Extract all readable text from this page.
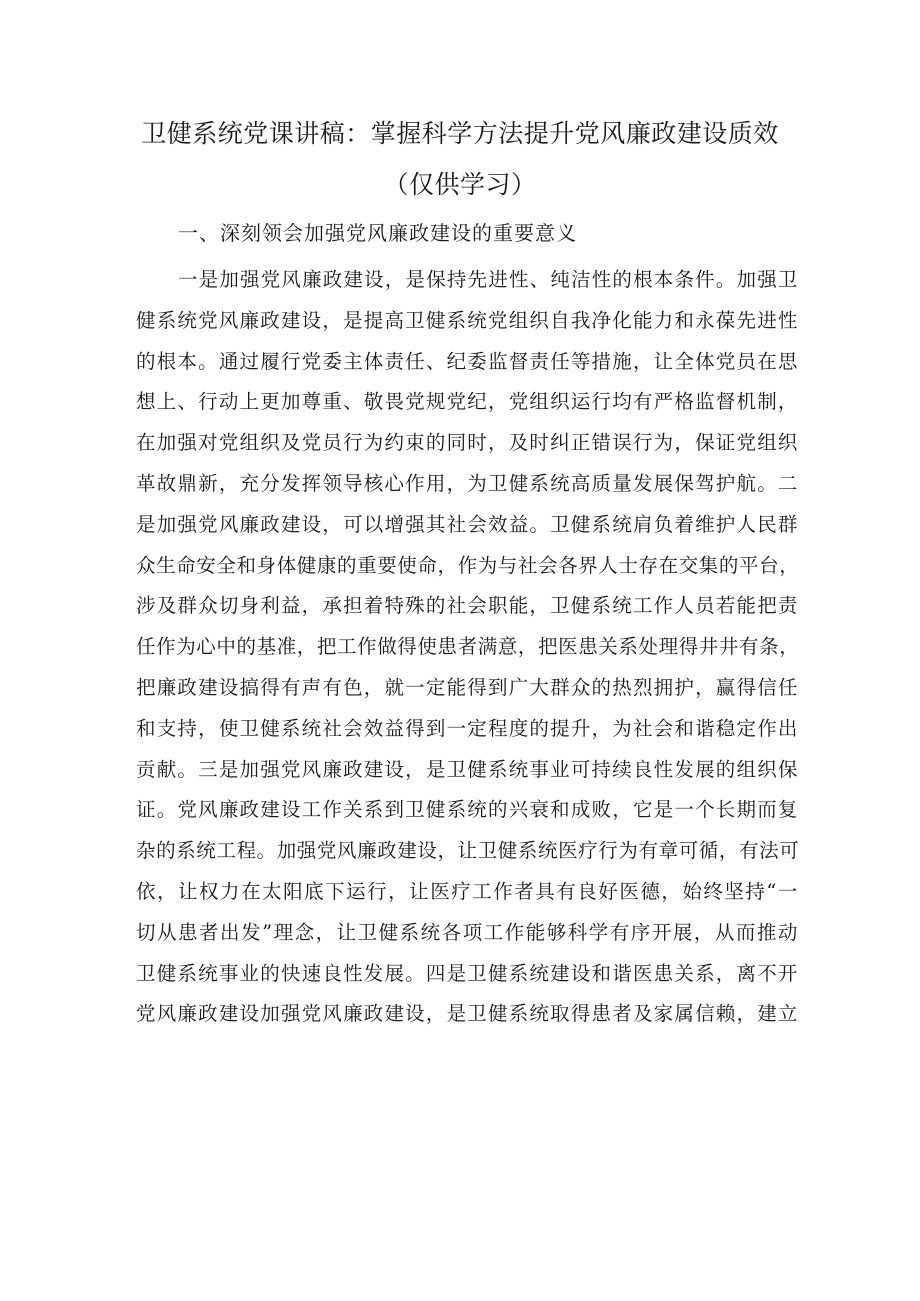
卫健系统党课讲稿：掌握科学方法提升党风廉政建设质效
（仅供学习）
一、深刻领会加强党风廉政建设的重要意义
一是加强党风廉政建设，是保持先进性、纯洁性的根本条件。加强卫
健系统党风廉政建设，是提高卫健系统党组织自我净化能力和永葆先进性
的根本。通过履行党委主体责任、纪委监督责任等措施，让全体党员在思
想上、行动上更加尊重、敬畏党规党纪，党组织运行均有严格监督机制，
在加强对党组织及党员行为约束的同时，及时纠正错误行为，保证党组织
革故鼎新，充分发挥领导核心作用，为卫健系统高质量发展保驾护航。二
是加强党风廉政建设，可以增强其社会效益。卫健系统肩负着维护人民群
众生命安全和身体健康的重要使命，作为与社会各界人士存在交集的平台，
涉及群众切身利益，承担着特殊的社会职能，卫健系统工作人员若能把责
任作为心中的基准，把工作做得使患者满意，把医患关系处理得井井有条，
把廉政建设搞得有声有色，就一定能得到广大群众的热烈拥护，赢得信任
和支持，使卫健系统社会效益得到一定程度的提升，为社会和谐稳定作出
贡献。三是加强党风廉政建设，是卫健系统事业可持续良性发展的组织保
证。党风廉政建设工作关系到卫健系统的兴衰和成败，它是一个长期而复
杂的系统工程。加强党风廉政建设，让卫健系统医疗行为有章可循，有法可
依，让权力在太阳底下运行，让医疗工作者具有良好医德，始终坚持“一
切从患者出发”理念，让卫健系统各项工作能够科学有序开展，从而推动
卫健系统事业的快速良性发展。四是卫健系统建设和谐医患关系，离不开
党风廉政建设加强党风廉政建设，是卫健系统取得患者及家属信赖，建立
